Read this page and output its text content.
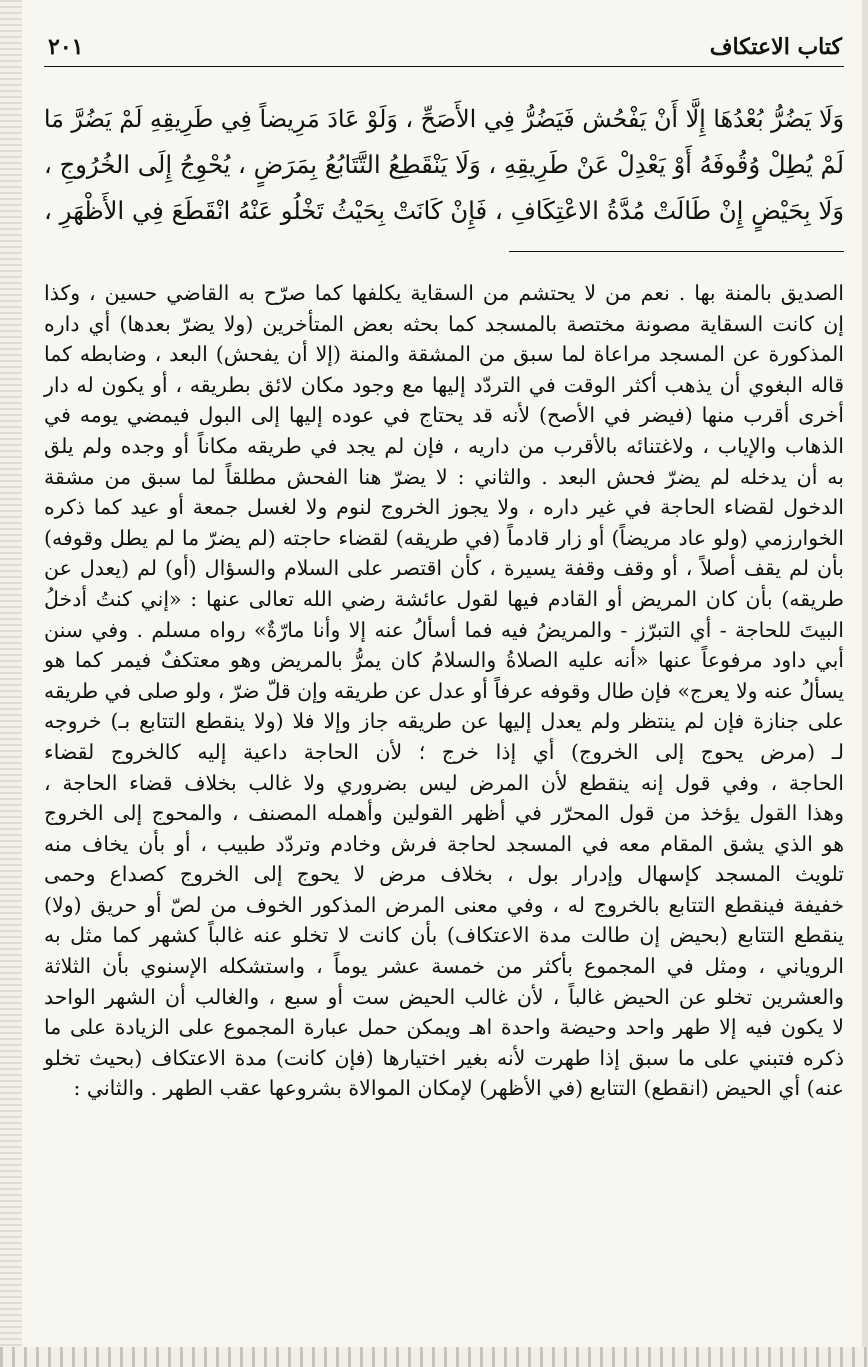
كتاب الاعتكاف
٢٠١
وَلَا يَضُرُّ بُعْدُهَا إِلَّا أَنْ يَفْحُش فَيَضُرُّ فِي الأَصَحِّ ، وَلَوْ عَادَ مَرِيضاً فِي طَرِيقِهِ لَمْ يَضُرَّ مَا
لَمْ يُطِلْ وُقُوفَهُ أَوْ يَعْدِلْ عَنْ طَرِيقِهِ ، وَلَا يَنْقَطِعُ التَّتَابُعُ بِمَرَضٍ ، يُحْوِجُ إِلَى الخُرُوجِ ،
وَلَا بِحَيْضٍ إِنْ طَالَتْ مُدَّةُ الاعْتِكَافِ ، فَإِنْ كَانَتْ بِحَيْثُ تَخْلُو عَنْهُ انْقَطَعَ فِي الأَظْهَرِ ،
الصديق بالمنة بها . نعم من لا يحتشم من السقاية يكلفها كما صرّح به القاضي حسين ، وكذا
إن كانت السقاية مصونة مختصة بالمسجد كما بحثه بعض المتأخرين (ولا يضرّ بعدها) أي داره
المذكورة عن المسجد مراعاة لما سبق من المشقة والمنة (إلا أن يفحش) البعد ، وضابطه كما
قاله البغوي أن يذهب أكثر الوقت في التردّد إليها مع وجود مكان لائق بطريقه ، أو يكون له دار
أخرى أقرب منها (فيضر في الأصح) لأنه قد يحتاج في عوده إليها إلى البول فيمضي يومه في
الذهاب والإياب ، ولاغتنائه بالأقرب من داريه ، فإن لم يجد في طريقه مكاناً أو وجده ولم يلق
به أن يدخله لم يضرّ فحش البعد . والثاني : لا يضرّ هنا الفحش مطلقاً لما سبق من مشقة
الدخول لقضاء الحاجة في غير داره ، ولا يجوز الخروج لنوم ولا لغسل جمعة أو عيد كما ذكره
الخوارزمي (ولو عاد مريضاً) أو زار قادماً (في طريقه) لقضاء حاجته (لم يضرّ ما لم يطل وقوفه)
بأن لم يقف أصلاً ، أو وقف وقفة يسيرة ، كأن اقتصر على السلام والسؤال (أو) لم (يعدل عن
طريقه) بأن كان المريض أو القادم فيها لقول عائشة رضي الله تعالى عنها : «إني كنتُ أدخلُ
البيتَ للحاجة - أي التبرّز - والمريضُ فيه فما أسألُ عنه إلا وأنا مارّةٌ» رواه مسلم . وفي سنن
أبي داود مرفوعاً عنها «أنه عليه الصلاةُ والسلامُ كان يمرُّ بالمريض وهو معتكفٌ فيمر كما هو
يسألُ عنه ولا يعرج» فإن طال وقوفه عرفاً أو عدل عن طريقه وإن قلّ ضرّ ، ولو صلى في طريقه
على جنازة فإن لم ينتظر ولم يعدل إليها عن طريقه جاز وإلا فلا (ولا ينقطع التتابع بـ) خروجه
لـ (مرض يحوج إلى الخروج) أي إذا خرج ؛ لأن الحاجة داعية إليه كالخروج لقضاء
الحاجة ، وفي قول إنه ينقطع لأن المرض ليس بضروري ولا غالب بخلاف قضاء الحاجة ،
وهذا القول يؤخذ من قول المحرّر في أظهر القولين وأهمله المصنف ، والمحوج إلى الخروج
هو الذي يشق المقام معه في المسجد لحاجة فرش وخادم وتردّد طبيب ، أو بأن يخاف منه
تلويث المسجد كإسهال وإدرار بول ، بخلاف مرض لا يحوج إلى الخروج كصداع وحمى
خفيفة فينقطع التتابع بالخروج له ، وفي معنى المرض المذكور الخوف من لصّ أو حريق (ولا)
ينقطع التتابع (بحيض إن طالت مدة الاعتكاف) بأن كانت لا تخلو عنه غالباً كشهر كما مثل به
الروياني ، ومثل في المجموع بأكثر من خمسة عشر يوماً ، واستشكله الإسنوي بأن الثلاثة
والعشرين تخلو عن الحيض غالباً ، لأن غالب الحيض ست أو سبع ، والغالب أن الشهر الواحد
لا يكون فيه إلا طهر واحد وحيضة واحدة اهـ ويمكن حمل عبارة المجموع على الزيادة على ما
ذكره فتبني على ما سبق إذا طهرت لأنه بغير اختيارها (فإن كانت) مدة الاعتكاف (بحيث تخلو
عنه) أي الحيض (انقطع) التتابع (في الأظهر) لإمكان الموالاة بشروعها عقب الطهر . والثاني :
